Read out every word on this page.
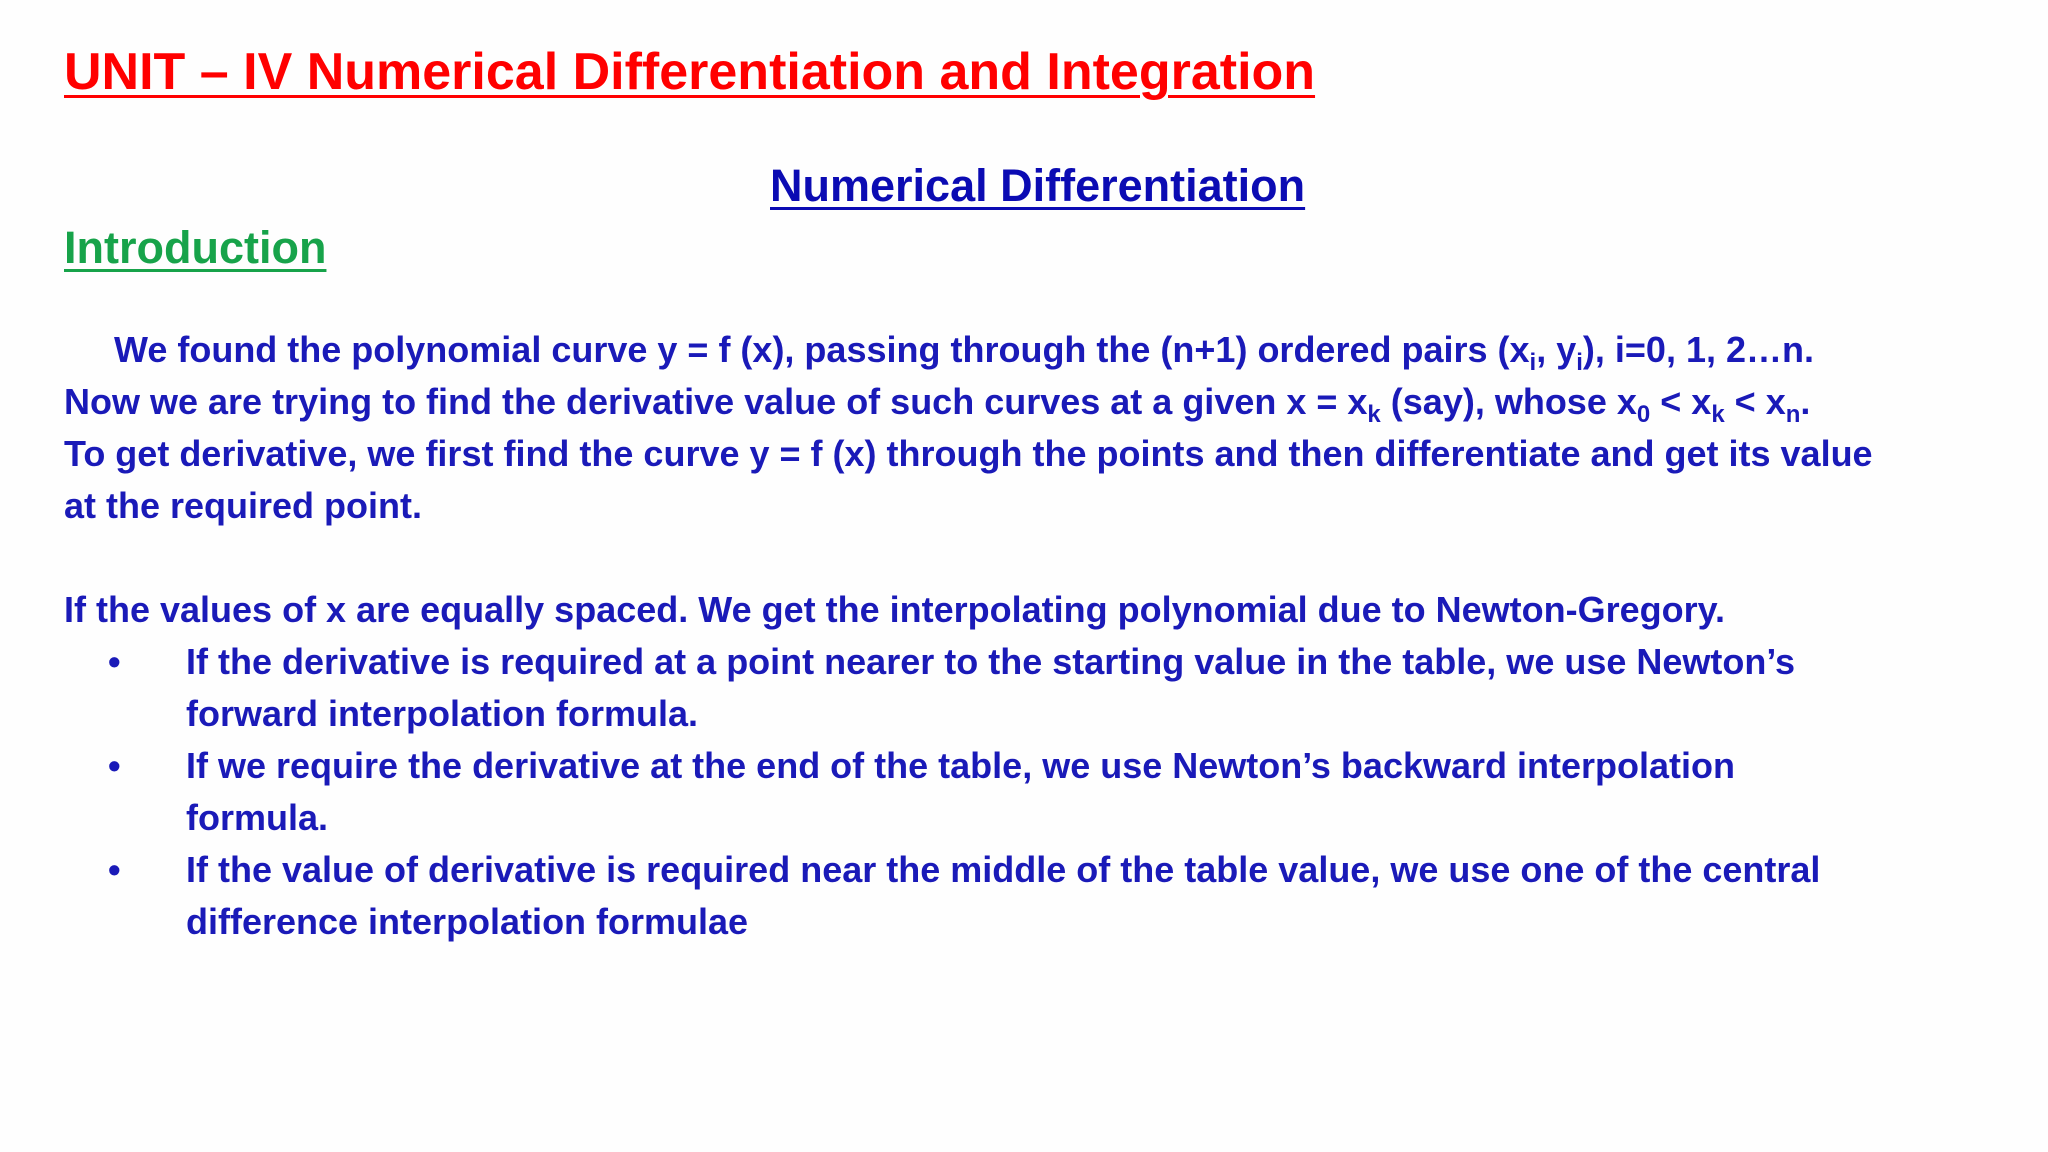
UNIT – IV Numerical Differentiation and Integration
Numerical Differentiation
Introduction
We found the polynomial curve y = f (x), passing through the (n+1) ordered pairs ($x_i$, $y_i$), i=0, 1, 2…n.
Now we are trying to find the derivative value of such curves at a given $x = x_k$ (say), whose $x_0 < x_k < x_n$.
To get derivative, we first find the curve y = f (x) through the points and then differentiate and get its value
at the required point.
If the values of x are equally spaced. We get the interpolating polynomial due to Newton-Gregory.
• If the derivative is required at a point nearer to the starting value in the table, we use Newton’s
forward interpolation formula.
• If we require the derivative at the end of the table, we use Newton’s backward interpolation
formula.
• If the value of derivative is required near the middle of the table value, we use one of the central
difference interpolation formulae
